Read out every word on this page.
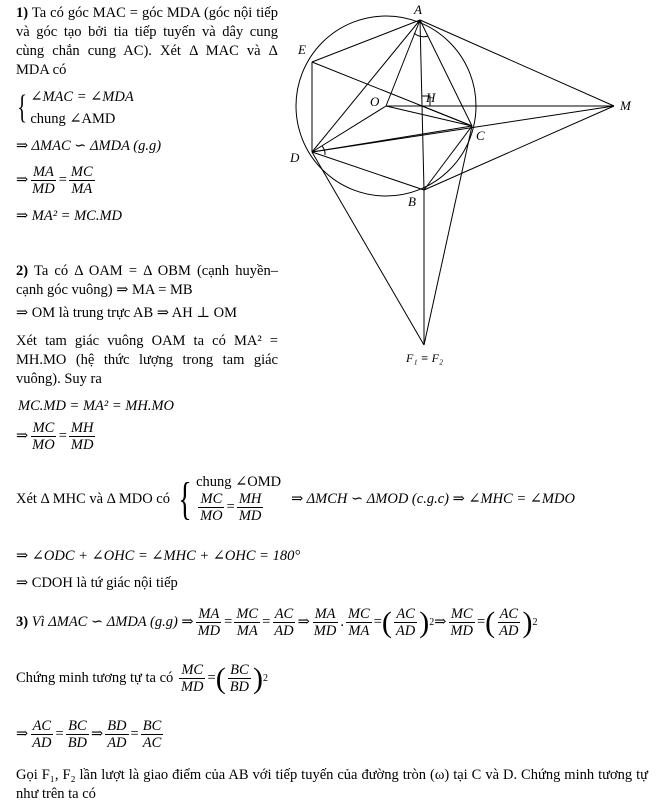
1) Ta có góc MAC = góc MDA (góc nội tiếp và góc tạo bởi tia tiếp tuyến và dây cung cùng chắn cung AC). Xét Δ MAC và Δ MDA có
{ ∠MAC = ∠MDA
chung ∠AMD
⇒ ΔMAC ∽ ΔMDA (g.g)
⇒ $\frac{MA}{MD} = \frac{MC}{MA}$
⇒ MA² = MC.MD
2) Ta có Δ OAM = Δ OBM (cạnh huyền–cạnh góc vuông) ⇒ MA = MB
⇒ OM là trung trực AB ⇒ AH ⊥ OM
Xét tam giác vuông OAM ta có MA² = MH.MO (hệ thức lượng trong tam giác vuông). Suy ra
MC.MD = MA² = MH.MO
⇒ $\frac{MC}{MO} = \frac{MH}{MD}$
Xét Δ MHC và Δ MDO có { chung ∠OMD
$\frac{MC}{MO} = \frac{MH}{MD}$ ⇒ ΔMCH ∽ ΔMOD (c.g.c) ⇒ ∠MHC = ∠MDO
⇒ ∠ODC + ∠OHC = ∠MHC + ∠OHC = 180°
⇒ CDOH là tứ giác nội tiếp
3)
Vì ΔMAC ∽ ΔMDA (g.g) ⇒ $\frac{MA}{MD} = \frac{MC}{MA} = \frac{AC}{AD}$ ⇒ $\frac{MA}{MD}$ . $\frac{MC}{MA}$ = ( $\frac{AC}{AD}$ ) 2 ⇒ $\frac{MC}{MD}$ = ( $\frac{AC}{AD}$ ) 2
Chứng minh tương tự ta có
$\frac{MC}{MD}$ = ( $\frac{BC}{BD}$ ) 2
⇒ $\frac{AC}{AD} = \frac{BC}{BD}$ ⇒ $\frac{BD}{AD} = \frac{BC}{AC}$
Gọi F₁, F₂ lần lượt là giao điểm của AB với tiếp tuyến của đường tròn (ω) tại C và D. Chứng minh tương tự như trên ta có
A
E
O	H
M
C
D
B
F₁ ≡ F₂
